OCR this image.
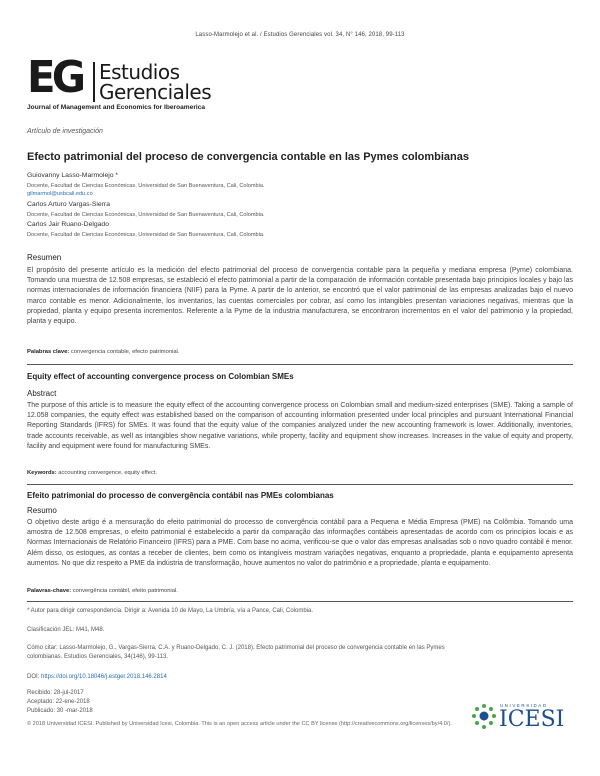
Lasso-Marmolejo et al. / Estudios Gerenciales vol. 34, N° 146, 2018, 99-113
EG Estudios
Gerenciales
Journal of Management and Economics for Iberoamerica
Artículo de investigación
Efecto patrimonial del proceso de convergencia contable en las Pymes colombianas
Guiovanny Lasso-Marmolejo *
Docente, Facultad de Ciencias Económicas, Universidad de San Buenaventura, Cali, Colombia.
gilmarmol@usbcali.edu.co
Carlos Arturo Vargas-Sierra
Docente, Facultad de Ciencias Económicas, Universidad de San Buenaventura, Cali, Colombia.
Carlos Jair Ruano-Delgado
Docente, Facultad de Ciencias Económicas, Universidad de San Buenaventura, Cali, Colombia.
Resumen
El propósito del presente artículo es la medición del efecto patrimonial del proceso de convergencia contable para la pequeña y mediana empresa (Pyme) colombiana. Tomando una muestra de 12.508 empresas, se estableció el efecto patrimonial a partir de la comparación de información contable presentada bajo principios locales y bajo las normas internacionales de información financiera (NIIF) para la Pyme. A partir de lo anterior, se encontró que el valor patrimonial de las empresas analizadas bajo el nuevo marco contable es menor. Adicionalmente, los inventarios, las cuentas comerciales por cobrar, así como los intangibles presentan variaciones negativas, mientras que la propiedad, planta y equipo presenta incrementos. Referente a la Pyme de la industria manufacturera, se encontraron incrementos en el valor del patrimonio y la propiedad, planta y equipo.
Palabras clave: convergencia contable, efecto patrimonial.
Equity effect of accounting convergence process on Colombian SMEs
Abstract
The purpose of this article is to measure the equity effect of the accounting convergence process on Colombian small and medium-sized enterprises (SME). Taking a sample of 12.058 companies, the equity effect was established based on the comparison of accounting information presented under local principles and pursuant International Financial Reporting Standards (IFRS) for SMEs. It was found that the equity value of the companies analyzed under the new accounting framework is lower. Additionally, inventories, trade accounts receivable, as well as intangibles show negative variations, while property, facility and equipment show increases. Increases in the value of equity and property, facility and equipment were found for manufacturing SMEs.
Keywords: accounting convergence, equity effect.
Efeito patrimonial do processo de convergência contábil nas PMEs colombianas
Resumo
O objetivo deste artigo é a mensuração do efeito patrimonial do processo de convergência contábil para a Pequena e Média Empresa (PME) na Colômbia. Tomando uma amostra de 12.508 empresas, o efeito patrimonial é estabelecido a partir da comparação das informações contábeis apresentadas de acordo com os princípios locais e as Normas Internacionais de Relatório Financeiro (IFRS) para a PME. Com base no acima, verificou-se que o valor das empresas analisadas sob o novo quadro contábil é menor. Além disso, os estoques, as contas a receber de clientes, bem como os intangíveis mostram variações negativas, enquanto a propriedade, planta e equipamento apresenta aumentos. No que diz respeito a PME da indústria de transformação, houve aumentos no valor do patrimônio e a propriedade, planta e equipamento.
Palavras-chave: convergência contábil, efeito patrimonial.
* Autor para dirigir correspondencia. Dirigir a: Avenida 10 de Mayo, La Umbría, vía a Pance, Cali, Colombia.
Clasificación JEL: M41, M48.
Cómo citar: Lasso-Marmolejo, G., Vargas-Sierra, C.A. y Ruano-Delgado, C. J. (2018). Efecto patrimonial del proceso de convergencia contable en las Pymes colombianas. Estudios Gerenciales, 34(146), 99-113.
DOI: https://doi.org/10.18046/j.estger.2018.146.2814
Recibido: 28-jul-2017
Aceptado: 22-ene-2018
Publicado: 30 -mar-2018
© 2018 Universidad ICESI. Published by Universidad Icesi, Colombia. This is an open access article under the CC BY license (http://creativecommons.org/licenses/by/4.0/).
UNIVERSIDAD
ICESI
